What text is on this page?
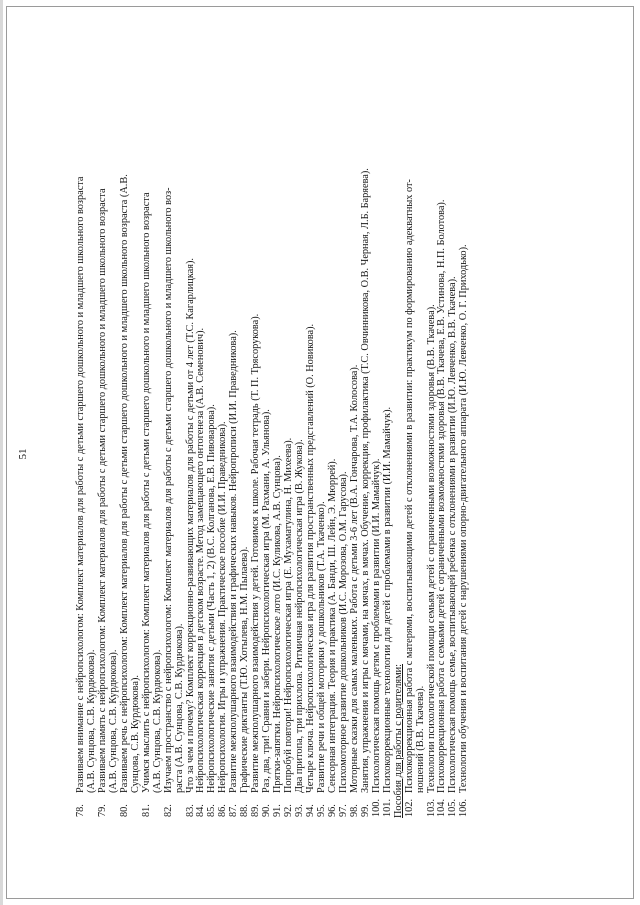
51
78.
Развиваем внимание с нейропсихологом: Комплект материалов для работы с детьми старшего дошкольного и младшего школьного возраста (А.В. Сунцова, С.В. Курдюкова).
79.
Развиваем память с нейропсихологом: Комплект материалов для работы с детьми старшего дошкольного и младшего школьного возраста (А.В. Сунцова, С.В. Курдюкова).
80.
Развиваем речь с нейропсихологом: Комплект материалов для работы с детьми старшего дошкольного и младшего школьного возраста (А.В. Сунцова, С.В. Курдюкова).
81.
Учимся мыслить с нейропсихологом: Комплект материалов для работы с детьми старшего дошкольного и младшего школьного возраста (А.В. Сунцова, С.В. Курдюкова).
82.
Изучаем пространство с нейропсихологом: Комплект материалов для работы с детьми старшего дошкольного и младшего школьного воз- раста (А.В. Сунцова, С.В. Курдюкова).
83.
Что за чем и почему? Комплект коррекционно-развивающих материалов для работы с детьми от 4 лет (Т.С. Кагарлицкая).
84.
Нейропсихологическая коррекция в детском возрасте. Метод замещающего онтогенеза (А.В. Семенович).
85.
Нейропсихологические занятия с детьми (Часть 1, 2) (В.С. Колганова, Е.В. Пивоварова).
86.
Нейропсихология. Игры и упражнения. Практическое пособие (И.И. Праведникова).
87.
Развитие межполушарного взаимодействия и графических навыков. Нейропрописи (И.И. Праведникова).
88.
Графические диктанты (Т.Ю. Хотылева, Н.М. Пылаева).
89.
Развитие межполушарного взаимодействия у детей. Готовимся к школе. Рабочая тетрадь (Т. П. Трясорукова).
90.
Раз, два, три! Сравни и забери. Нейропсихологическая игра (М. Рахмани, А. Ульянова).
91.
Прятки-запятки. Нейропсихологическое лото (И.С. Куликова, А.В. Сунцова).
92.
Попробуй повтори! Нейропсихологическая игра (Е. Мухаматулина, Н. Михеева).
93.
Два притопа, три прихлопа. Ритмичная нейропсихологическая игра (В. Жукова).
94.
Четыре ключа. Нейропсихологическая игра для развития пространственных представлений (О. Новикова).
95.
Развитие речи и общей моторики у дошкольников (Т.А. Ткаченко).
96.
Сенсорная интеграция. Теория и практика (А. Банди, Ш. Лейн, Э. Мюррей).
97.
Психомоторное развитие дошкольников (И.С. Морозова, О.М. Гарусова).
98.
Моторные сказки для самых маленьких. Работа с детьми 3-6 лет (В.А. Гончарова, Т.А. Колосова).
99.
Занятия, упражнения и игры с мячами, на мячах, в мячах. Обучение, коррекция, профилактика (Т.С. Овчинникова, О.В. Черная, Л.Б. Баряева).
100.
Психологическая помощь детям с проблемами в развитии (И.И. Мамайчук).
101.
Психокоррекционные технологии для детей с проблемами в развитии (И.И. Мамайчук). Пособия для работы с родителями: 102.
Психокоррекционная работа с матерями, воспитывающими детей с отклонениями в развитии: практикум по формированию адекватных от- ношений (В.В. Ткачева).
103.
Технологии психологической помощи семьям детей с ограниченными возможностями здоровья (В.В. Ткачева).
104.
Психокоррекционная работа с семьями детей с ограниченными возможностями здоровья (В.В. Ткачева, Е.В. Устинова, Н.П. Болотова).
105.
Психологическая помощь семье, воспитывающей ребенка с отклонениями в развитии (И.Ю. Левченко, В.В. Ткачева).
106.
Технологии обучения и воспитания детей с нарушениями опорно-двигательного аппарата (И.Ю. Левченко, О. Г. Приходько).
